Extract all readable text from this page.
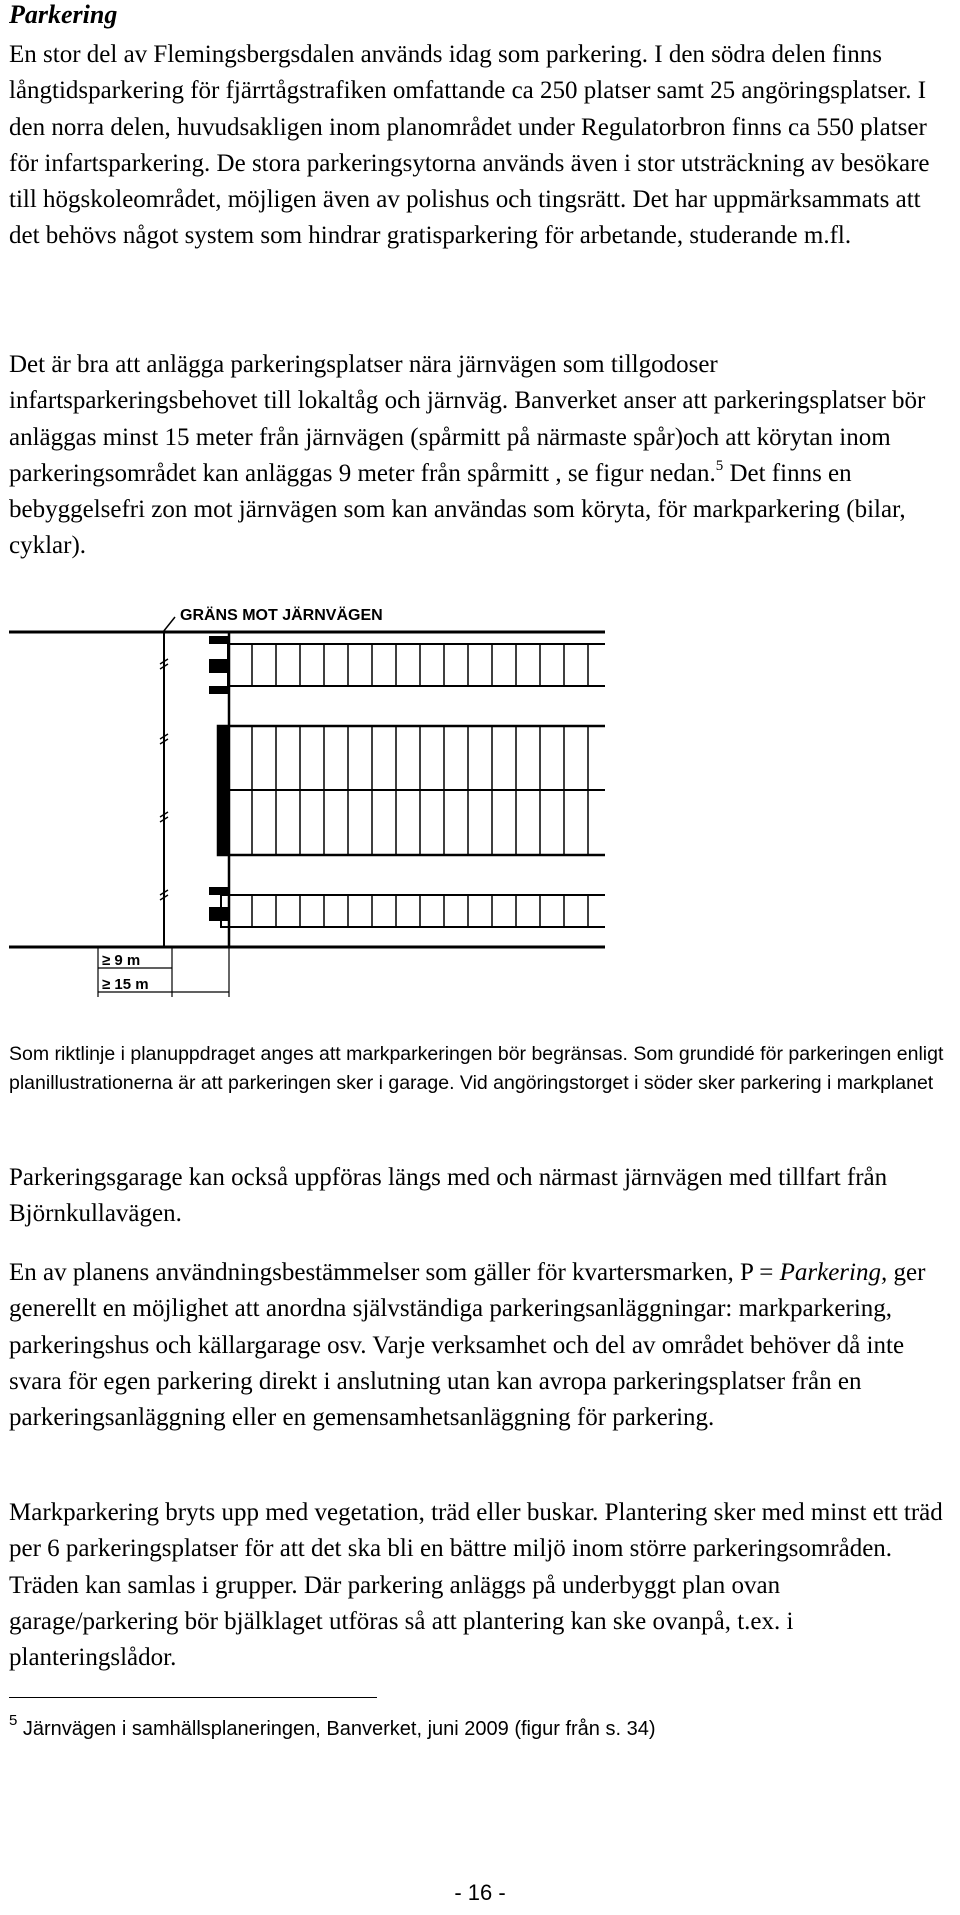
Parkering

En stor del av Flemingsbergsdalen används idag som parkering. I den södra delen finns långtidsparkering för fjärrtågstrafiken omfattande ca 250 platser samt 25 angöringsplatser. I den norra delen, huvudsakligen inom planområdet under Regulatorbron finns ca 550 platser för infartsparkering. De stora parkeringsytorna används även i stor utsträckning av besökare till högskoleområdet, möjligen även av polishus och tingsrätt. Det har uppmärksammats att det behövs något system som hindrar gratisparkering för arbetande, studerande m.fl.

Det är bra att anlägga parkeringsplatser nära järnvägen som tillgodoser infartsparkeringsbehovet till lokaltåg och järnväg. Banverket anser att parkeringsplatser bör anläggas minst 15 meter från järnvägen (spårmitt på närmaste spår)och att körytan inom parkeringsområdet kan anläggas 9 meter från spårmitt , se figur nedan.$^5$ Det finns en bebyggelsefri zon mot järnvägen som kan användas som köryta, för markparkering (bilar, cyklar).

GRÄNS MOT JÄRNVÄGEN
≥ 9 m
≥ 15 m

Som riktlinje i planuppdraget anges att markparkeringen bör begränsas. Som grundidé för parkeringen enligt planillustrationerna är att parkeringen sker i garage. Vid angöringstorget i söder sker parkering i markplanet

Parkeringsgarage kan också uppföras längs med och närmast järnvägen med tillfart från Björnkullavägen.

En av planens användningsbestämmelser som gäller för kvartersmarken, P = Parkering, ger generellt en möjlighet att anordna självständiga parkeringsanläggningar: markparkering, parkeringshus och källargarage osv. Varje verksamhet och del av området behöver då inte svara för egen parkering direkt i anslutning utan kan avropa parkeringsplatser från en parkeringsanläggning eller en gemensamhetsanläggning för parkering.

Markparkering bryts upp med vegetation, träd eller buskar. Plantering sker med minst ett träd per 6 parkeringsplatser för att det ska bli en bättre miljö inom större parkeringsområden. Träden kan samlas i grupper. Där parkering anläggs på underbyggt plan ovan garage/parkering bör bjälklaget utföras så att plantering kan ske ovanpå, t.ex. i planteringslådor.

$^5$ Järnvägen i samhällsplaneringen, Banverket, juni 2009 (figur från s. 34)

- 16 -
